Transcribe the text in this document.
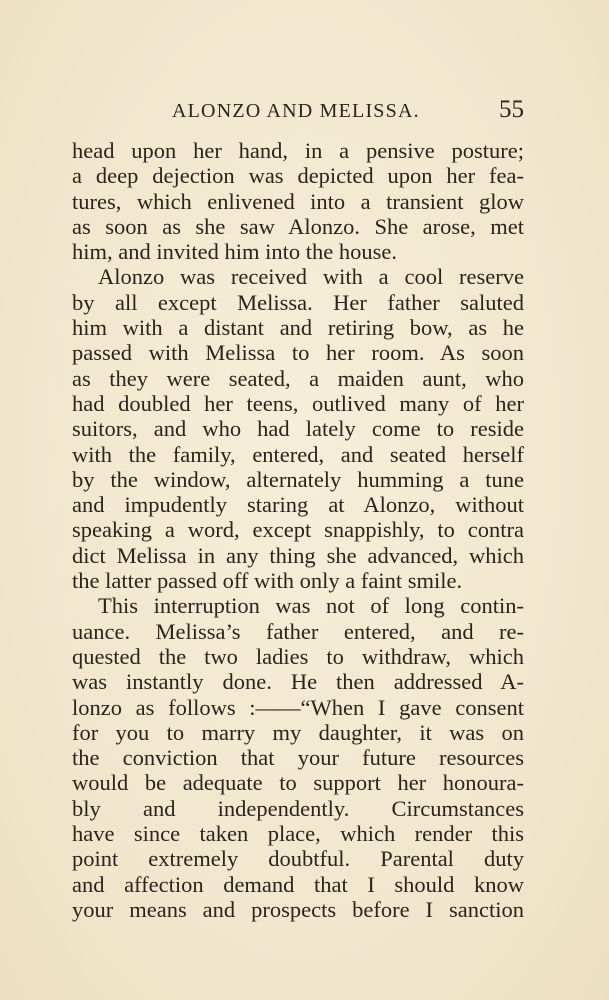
ALONZO AND MELISSA.	55
head upon her hand, in a pensive posture;
a deep dejection was depicted upon her fea-
tures, which enlivened into a transient glow
as soon as she saw Alonzo. She arose, met
him, and invited him into the house.
Alonzo was received with a cool reserve
by all except Melissa. Her father saluted
him with a distant and retiring bow, as he
passed with Melissa to her room. As soon
as they were seated, a maiden aunt, who
had doubled her teens, outlived many of her
suitors, and who had lately come to reside
with the family, entered, and seated herself
by the window, alternately humming a tune
and impudently staring at Alonzo, without
speaking a word, except snappishly, to contra
dict Melissa in any thing she advanced, which
the latter passed off with only a faint smile.
This interruption was not of long contin-
uance. Melissa’s father entered, and re-
quested the two ladies to withdraw, which
was instantly done. He then addressed A-
lonzo as follows :——“When I gave consent
for you to marry my daughter, it was on
the conviction that your future resources
would be adequate to support her honoura-
bly and independently. Circumstances
have since taken place, which render this
point extremely doubtful. Parental duty
and affection demand that I should know
your means and prospects before I sanction
